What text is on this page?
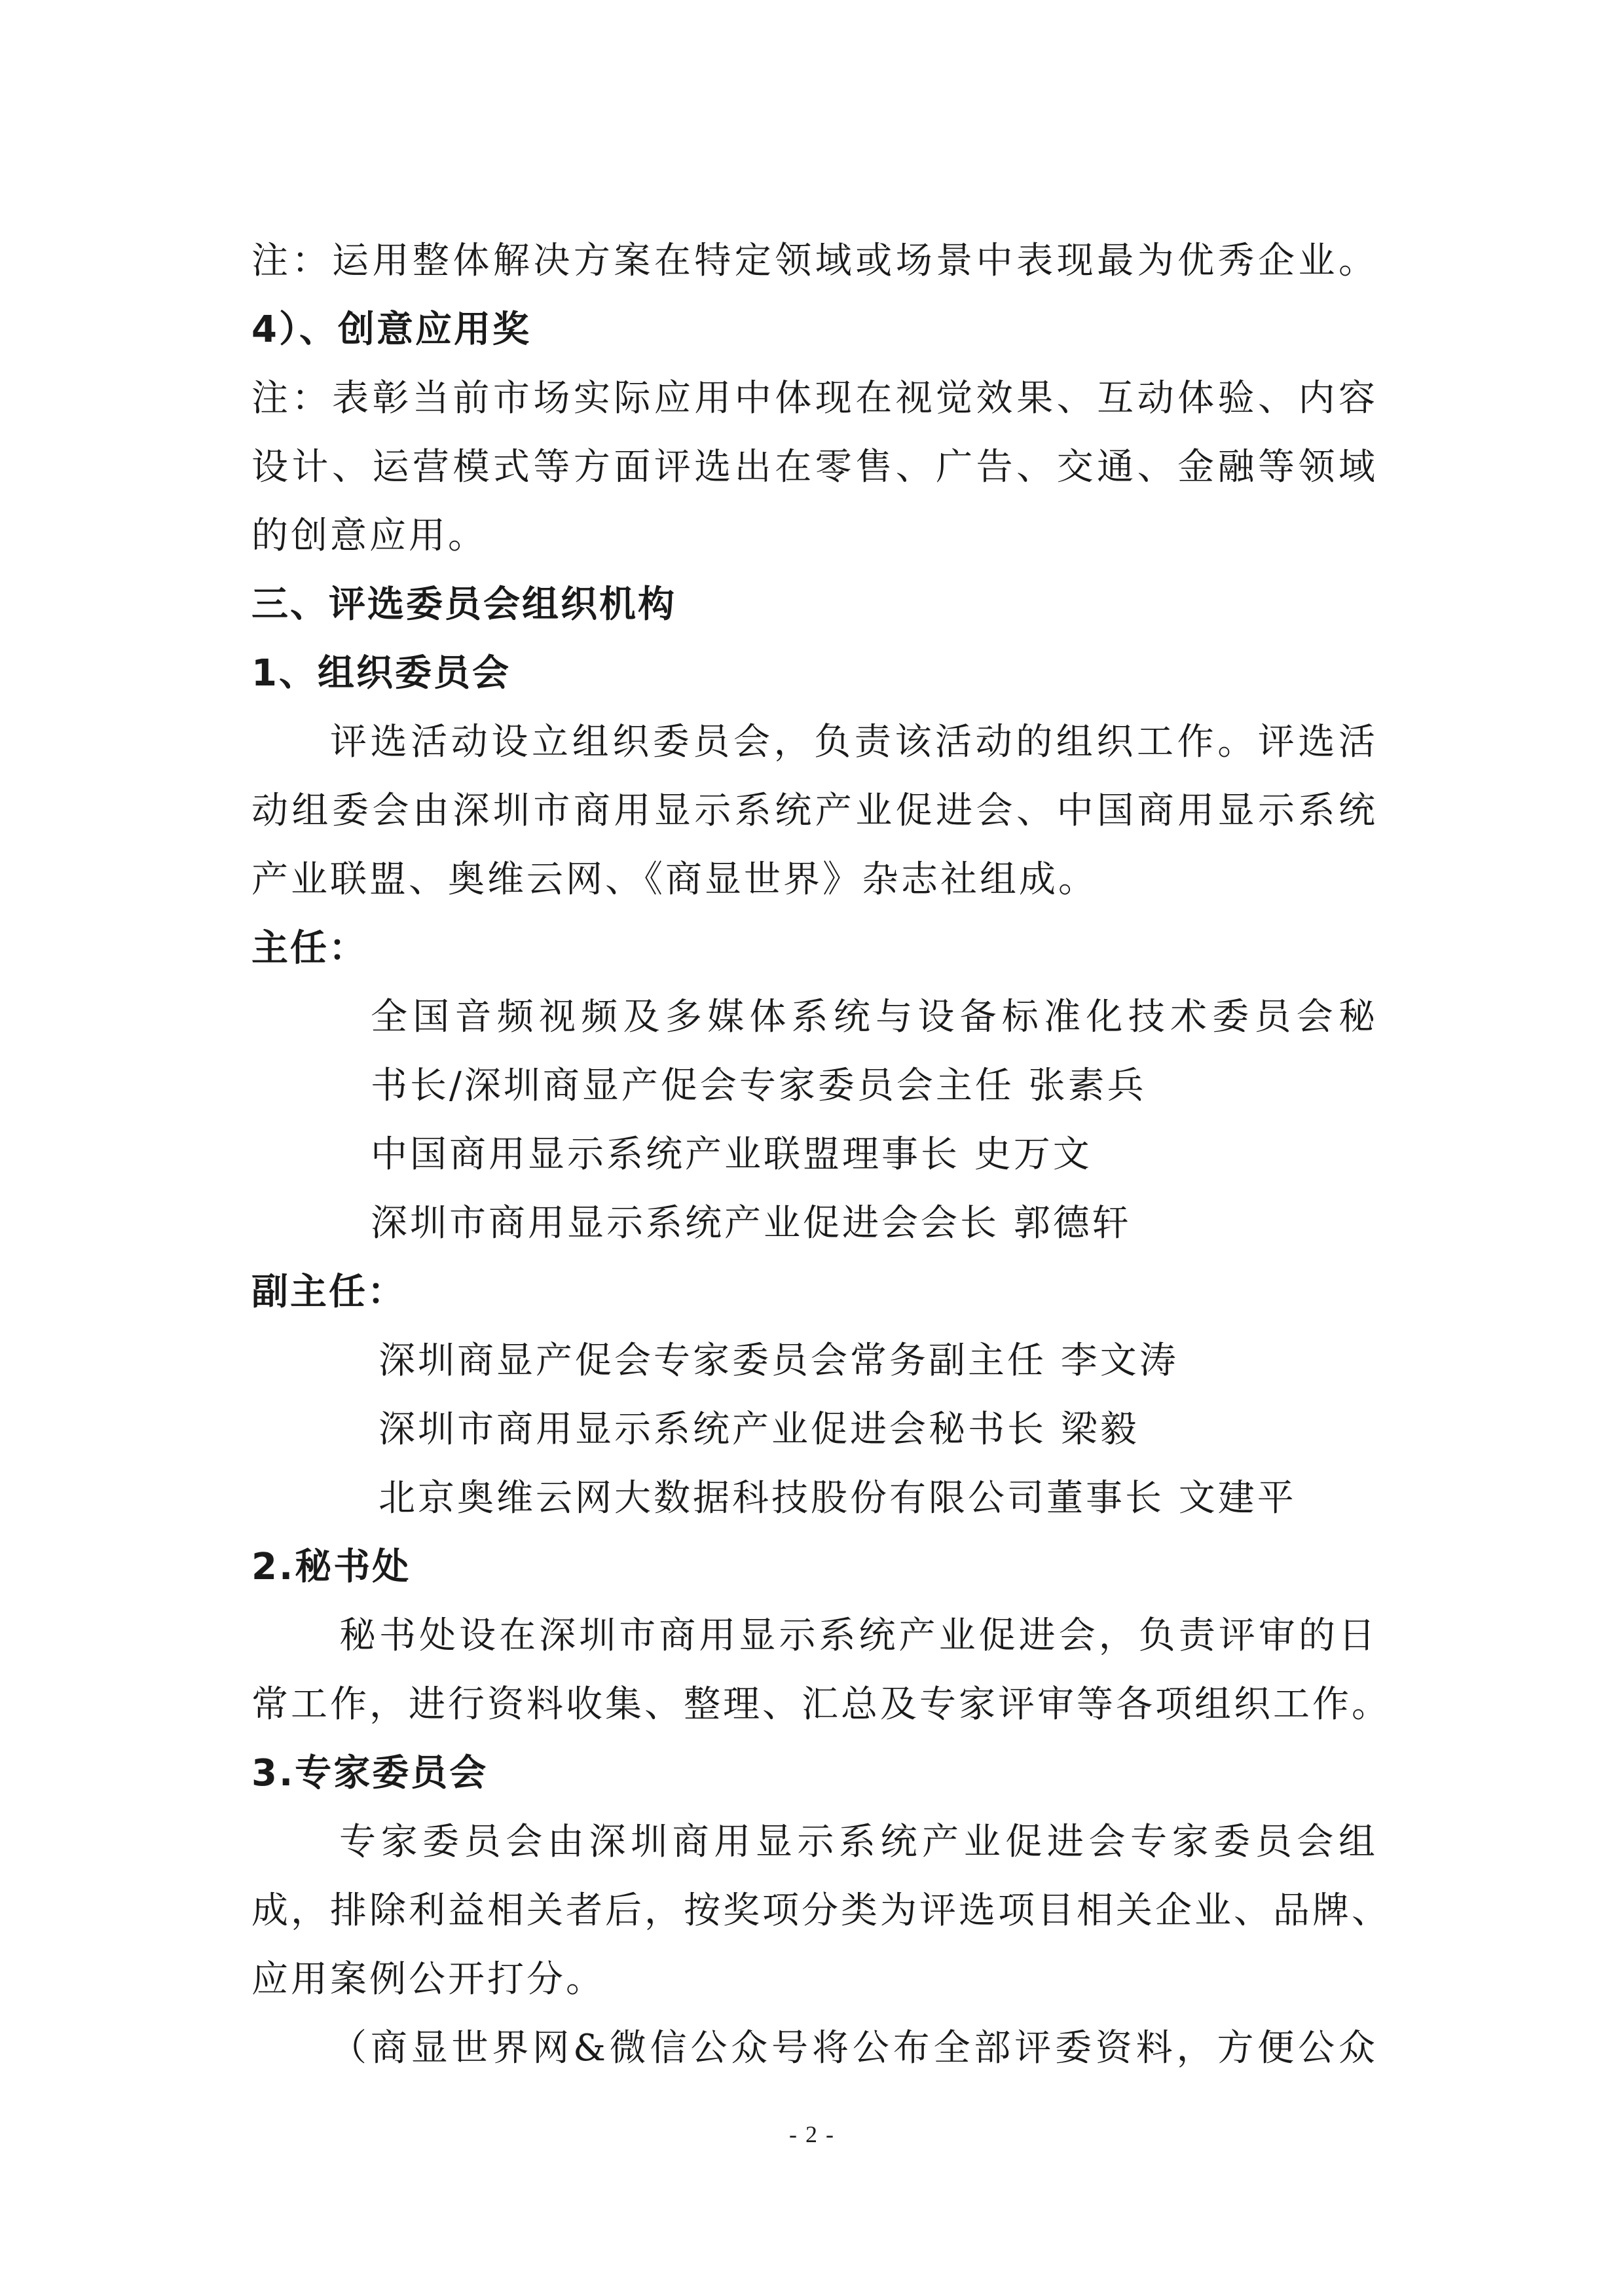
注：运用整体解决方案在特定领域或场景中表现最为优秀企业。
4）、创意应用奖
注：表彰当前市场实际应用中体现在视觉效果、互动体验、内容
设计、运营模式等方面评选出在零售、广告、交通、金融等领域
的创意应用。
三、评选委员会组织机构
1、组织委员会
评选活动设立组织委员会，负责该活动的组织工作。评选活
动组委会由深圳市商用显示系统产业促进会、中国商用显示系统
产业联盟、奥维云网、《商显世界》杂志社组成。
主任：
全国音频视频及多媒体系统与设备标准化技术委员会秘
书长/深圳商显产促会专家委员会主任 张素兵
中国商用显示系统产业联盟理事长 史万文
深圳市商用显示系统产业促进会会长 郭德轩
副主任：
深圳商显产促会专家委员会常务副主任 李文涛
深圳市商用显示系统产业促进会秘书长 梁毅
北京奥维云网大数据科技股份有限公司董事长 文建平
2.秘书处
秘书处设在深圳市商用显示系统产业促进会，负责评审的日
常工作，进行资料收集、整理、汇总及专家评审等各项组织工作。
3.专家委员会
专家委员会由深圳商用显示系统产业促进会专家委员会组
成，排除利益相关者后，按奖项分类为评选项目相关企业、品牌、
应用案例公开打分。
（商显世界网&微信公众号将公布全部评委资料，方便公众
- 2 -
